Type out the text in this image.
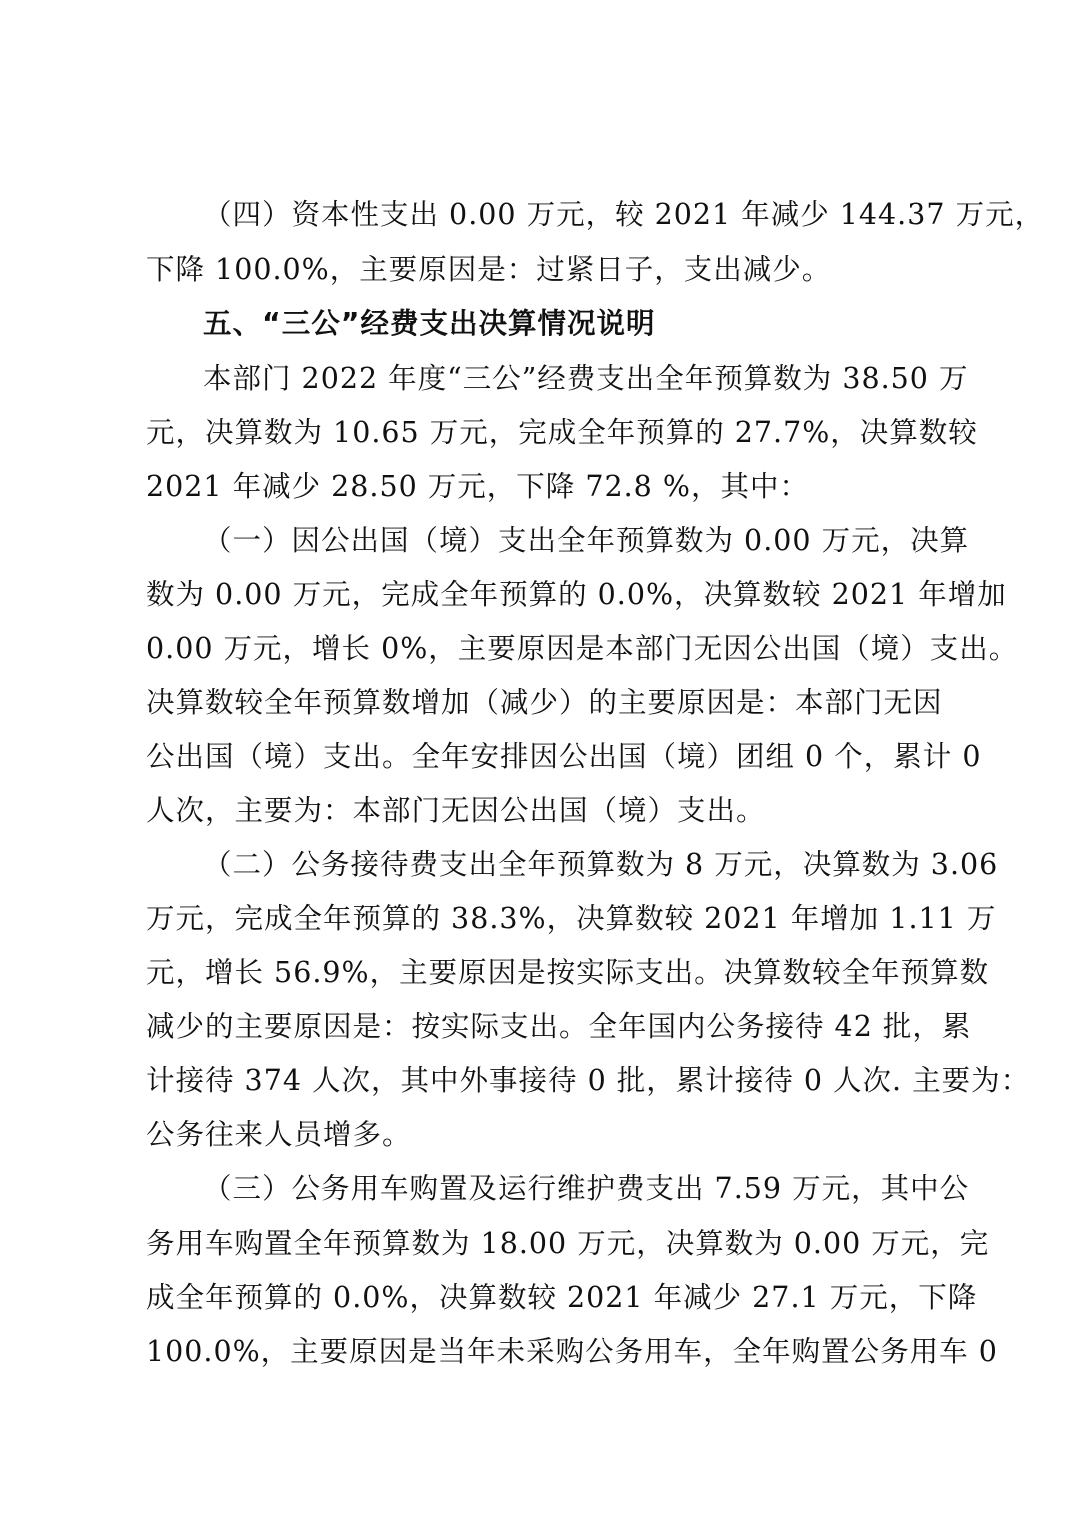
（四）资本性支出 0.00 万元，较 2021 年减少 144.37 万元，
下降 100.0%，主要原因是：过紧日子，支出减少。
五、“三公”经费支出决算情况说明
本部门 2022 年度“三公”经费支出全年预算数为 38.50 万
元，决算数为 10.65 万元，完成全年预算的 27.7%，决算数较
2021 年减少 28.50 万元，下降 72.8 %，其中：
（一）因公出国（境）支出全年预算数为 0.00 万元，决算
数为 0.00 万元，完成全年预算的 0.0%，决算数较 2021 年增加
0.00 万元，增长 0%，主要原因是本部门无因公出国（境）支出。
决算数较全年预算数增加（减少）的主要原因是：本部门无因
公出国（境）支出。全年安排因公出国（境）团组 0 个，累计 0
人次，主要为：本部门无因公出国（境）支出。
（二）公务接待费支出全年预算数为 8 万元，决算数为 3.06
万元，完成全年预算的 38.3%，决算数较 2021 年增加 1.11 万
元，增长 56.9%，主要原因是按实际支出。决算数较全年预算数
减少的主要原因是：按实际支出。全年国内公务接待 42 批，累
计接待 374 人次，其中外事接待 0 批，累计接待 0 人次. 主要为：
公务往来人员增多。
（三）公务用车购置及运行维护费支出 7.59 万元，其中公
务用车购置全年预算数为 18.00 万元，决算数为 0.00 万元，完
成全年预算的 0.0%，决算数较 2021 年减少 27.1 万元，下降
100.0%，主要原因是当年未采购公务用车，全年购置公务用车 0
